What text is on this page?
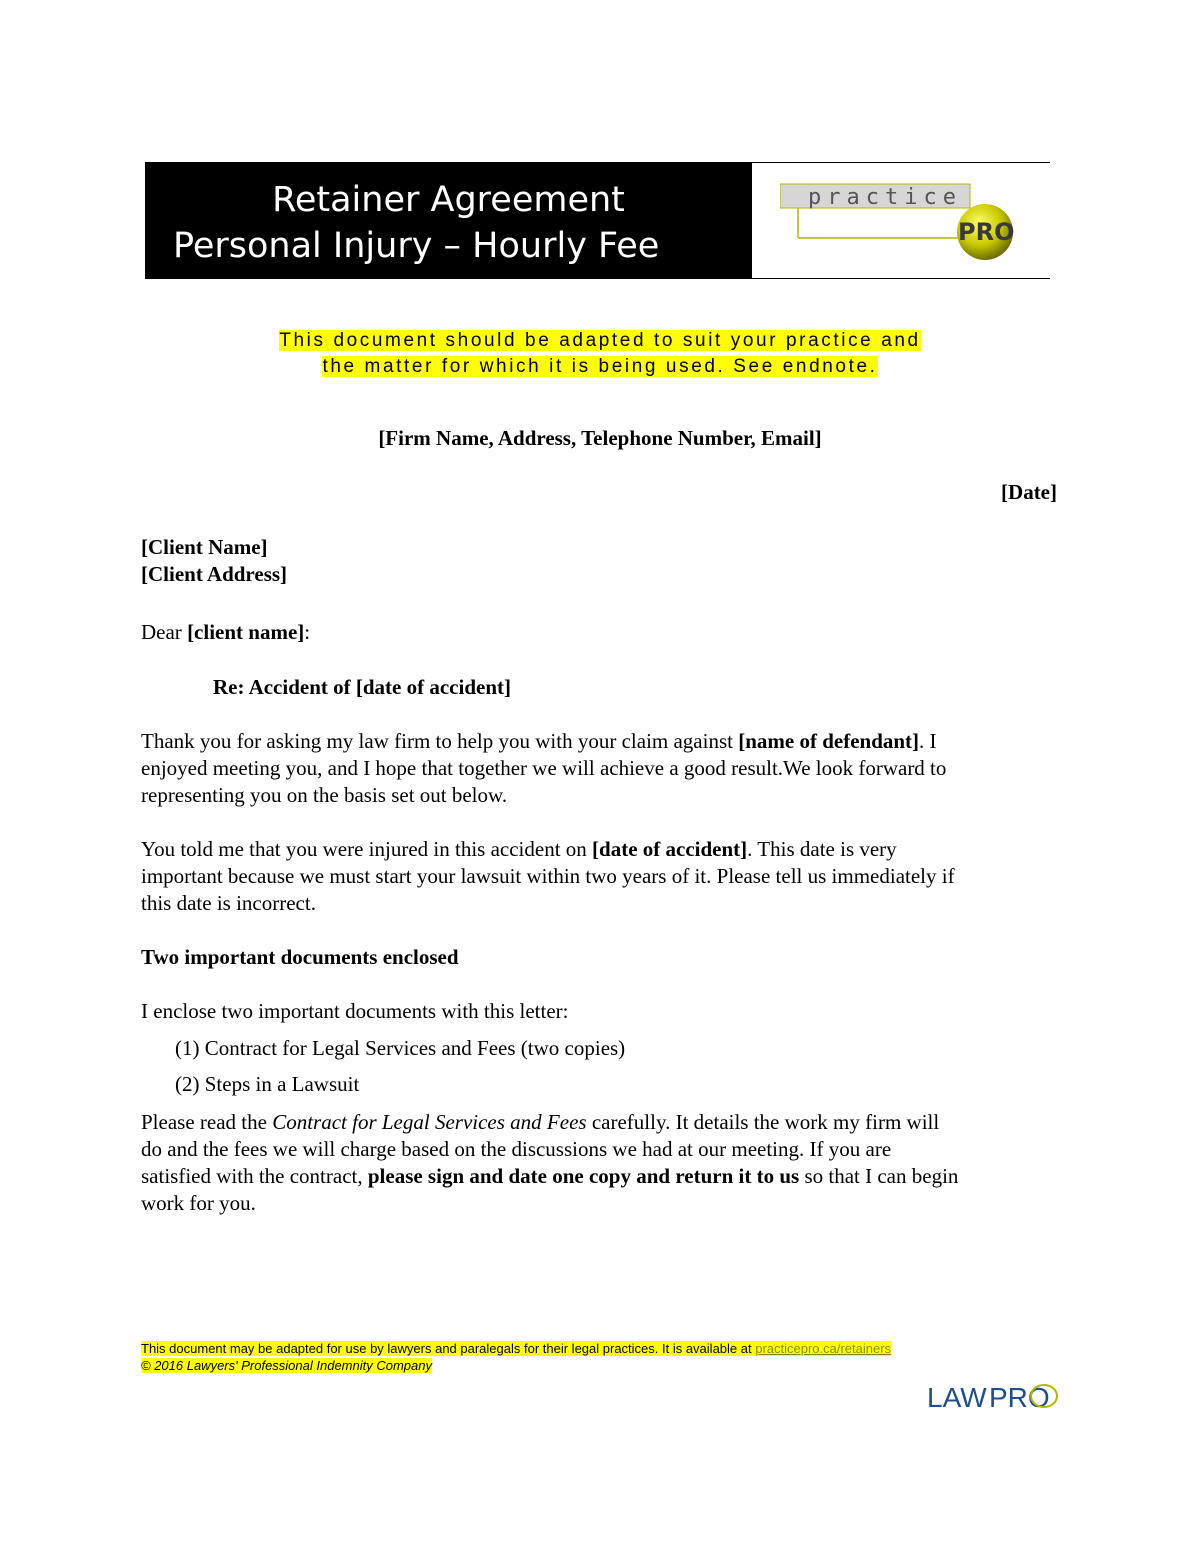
Retainer Agreement
Personal Injury – Hourly Fee
practice
PRO
This document should be adapted to suit your practice and
the matter for which it is being used. See endnote.
[Firm Name, Address, Telephone Number, Email]
[Date]
[Client Name]
[Client Address]
Dear [client name]:
Re: Accident of [date of accident]
Thank you for asking my law firm to help you with your claim against [name of defendant]. I
enjoyed meeting you, and I hope that together we will achieve a good result.We look forward to
representing you on the basis set out below.
You told me that you were injured in this accident on [date of accident]. This date is very
important because we must start your lawsuit within two years of it. Please tell us immediately if
this date is incorrect.
Two important documents enclosed
I enclose two important documents with this letter:
(1) Contract for Legal Services and Fees (two copies)
(2) Steps in a Lawsuit
Please read the Contract for Legal Services and Fees carefully. It details the work my firm will
do and the fees we will charge based on the discussions we had at our meeting. If you are
satisfied with the contract, please sign and date one copy and return it to us so that I can begin
work for you.
This document may be adapted for use by lawyers and paralegals for their legal practices. It is available at practicepro.ca/retainers
© 2016 Lawyers' Professional Indemnity Company
LAW PRO
